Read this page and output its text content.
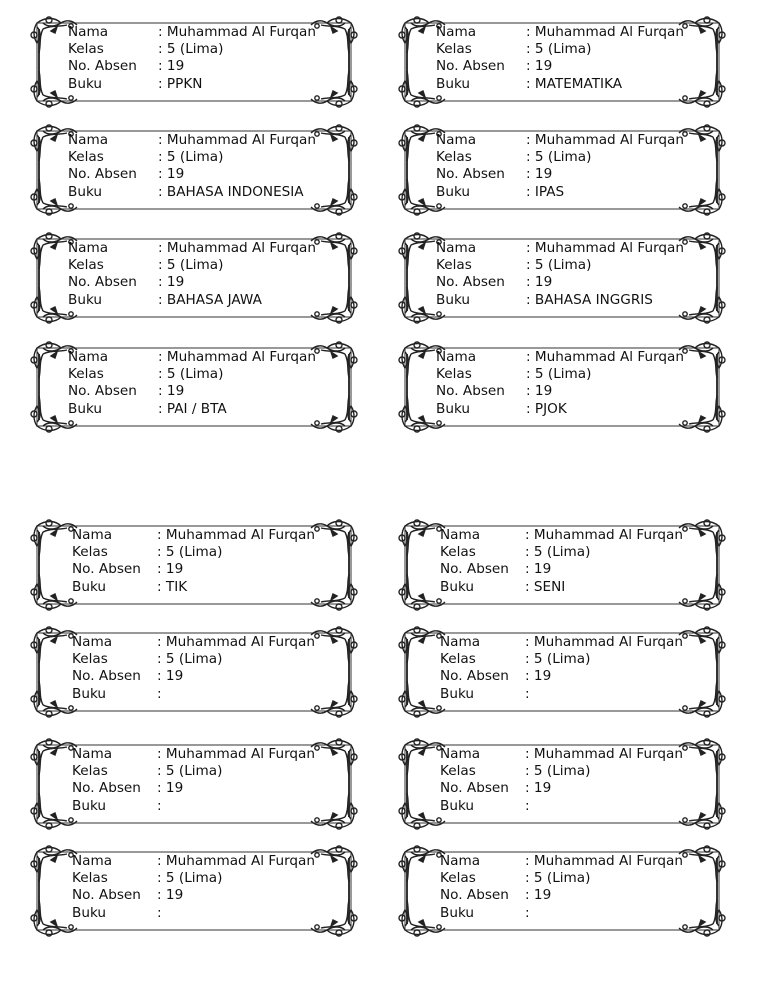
Nama	: Muhammad Al Furqan
Kelas	: 5 (Lima)
No. Absen : 19
Buku	: PPKN
Nama	: Muhammad Al Furqan
Kelas	: 5 (Lima)
No. Absen : 19
Buku	: MATEMATIKA
Nama	: Muhammad Al Furqan
Kelas	: 5 (Lima)
No. Absen : 19
Buku	: BAHASA INDONESIA
Nama	: Muhammad Al Furqan
Kelas	: 5 (Lima)
No. Absen : 19
Buku	: IPAS
Nama	: Muhammad Al Furqan
Kelas	: 5 (Lima)
No. Absen : 19
Buku	: BAHASA JAWA
Nama	: Muhammad Al Furqan
Kelas	: 5 (Lima)
No. Absen : 19
Buku	: BAHASA INGGRIS
Nama	: Muhammad Al Furqan
Kelas	: 5 (Lima)
No. Absen : 19
Buku	: PAI / BTA
Nama	: Muhammad Al Furqan
Kelas	: 5 (Lima)
No. Absen : 19
Buku	: PJOK
Nama	: Muhammad Al Furqan
Kelas	: 5 (Lima)
No. Absen : 19
Buku	: TIK
Nama	: Muhammad Al Furqan
Kelas	: 5 (Lima)
No. Absen : 19
Buku	: SENI
Nama	: Muhammad Al Furqan
Kelas	: 5 (Lima)
No. Absen : 19
Buku	:
Nama	: Muhammad Al Furqan
Kelas	: 5 (Lima)
No. Absen : 19
Buku	:
Nama	: Muhammad Al Furqan
Kelas	: 5 (Lima)
No. Absen : 19
Buku	:
Nama	: Muhammad Al Furqan
Kelas	: 5 (Lima)
No. Absen : 19
Buku	:
Nama	: Muhammad Al Furqan
Kelas	: 5 (Lima)
No. Absen : 19
Buku	:
Nama	: Muhammad Al Furqan
Kelas	: 5 (Lima)
No. Absen : 19
Buku	:
